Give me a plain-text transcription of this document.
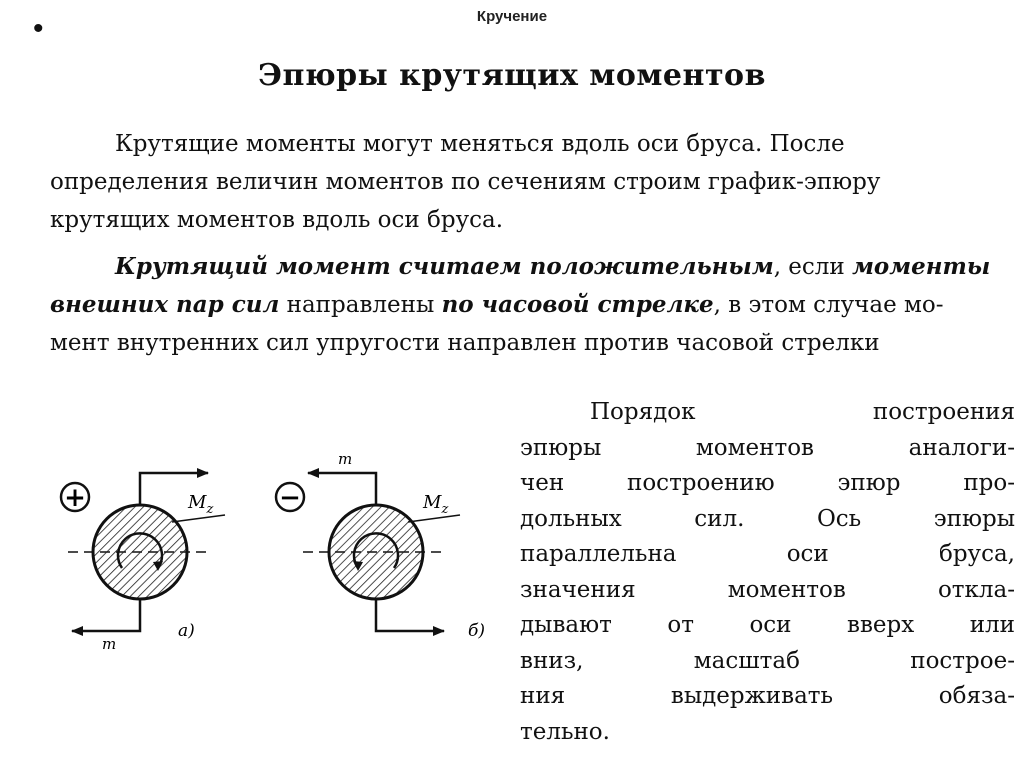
Кручение
•
Эпюры крутящих моментов
Крутящие моменты могут меняться вдоль оси бруса. После
определения величин моментов по сечениям строим график-эпюру
крутящих моментов вдоль оси бруса.
Крутящий момент считаем положительным, если моменты
внешних пар сил направлены по часовой стрелке, в этом случае мо-
мент внутренних сил упругости направлен против часовой стрелки
+	$M_z$
m
а)
−	$M_z$
m
б)
Порядок построения
эпюры моментов аналоги-
чен построению эпюр про-
дольных сил. Ось эпюры
параллельна оси бруса,
значения моментов откла-
дывают от оси вверх или
вниз, масштаб построе-
ния выдерживать обяза-
тельно.
